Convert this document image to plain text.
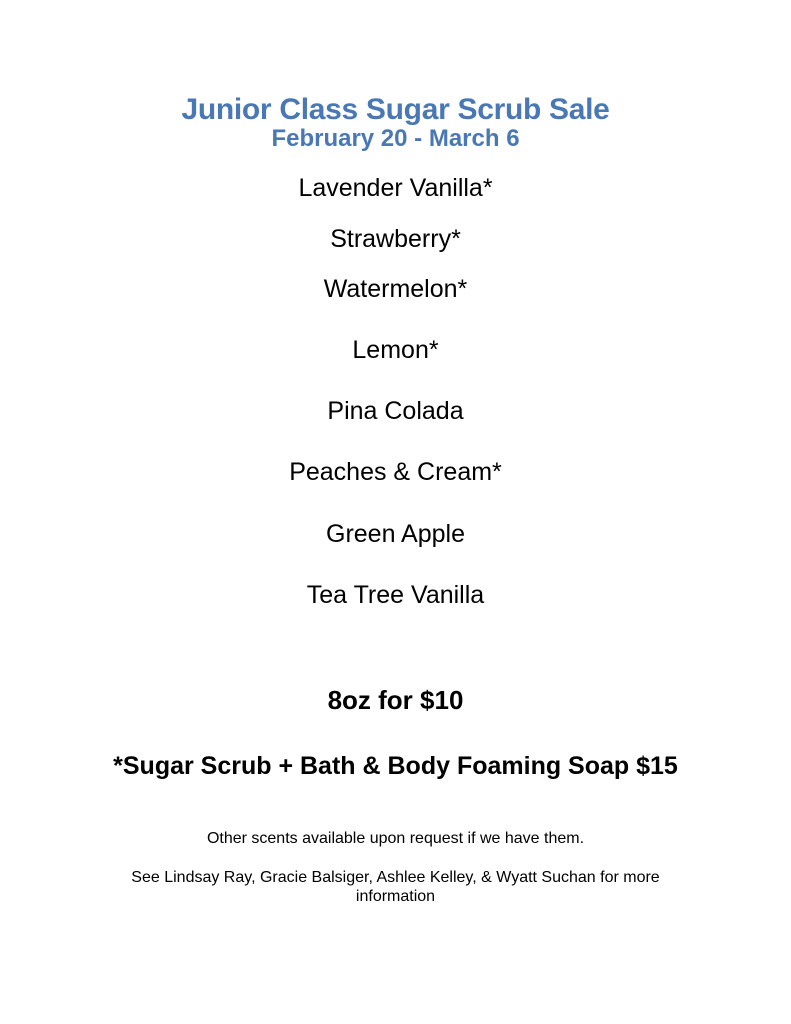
Junior Class Sugar Scrub Sale
February 20 - March 6
Lavender Vanilla*
Strawberry*
Watermelon*
Lemon*
Pina Colada
Peaches & Cream*
Green Apple
Tea Tree Vanilla
8oz for $10
*Sugar Scrub + Bath & Body Foaming Soap $15
Other scents available upon request if we have them.
See Lindsay Ray, Gracie Balsiger, Ashlee Kelley, & Wyatt Suchan for more information
